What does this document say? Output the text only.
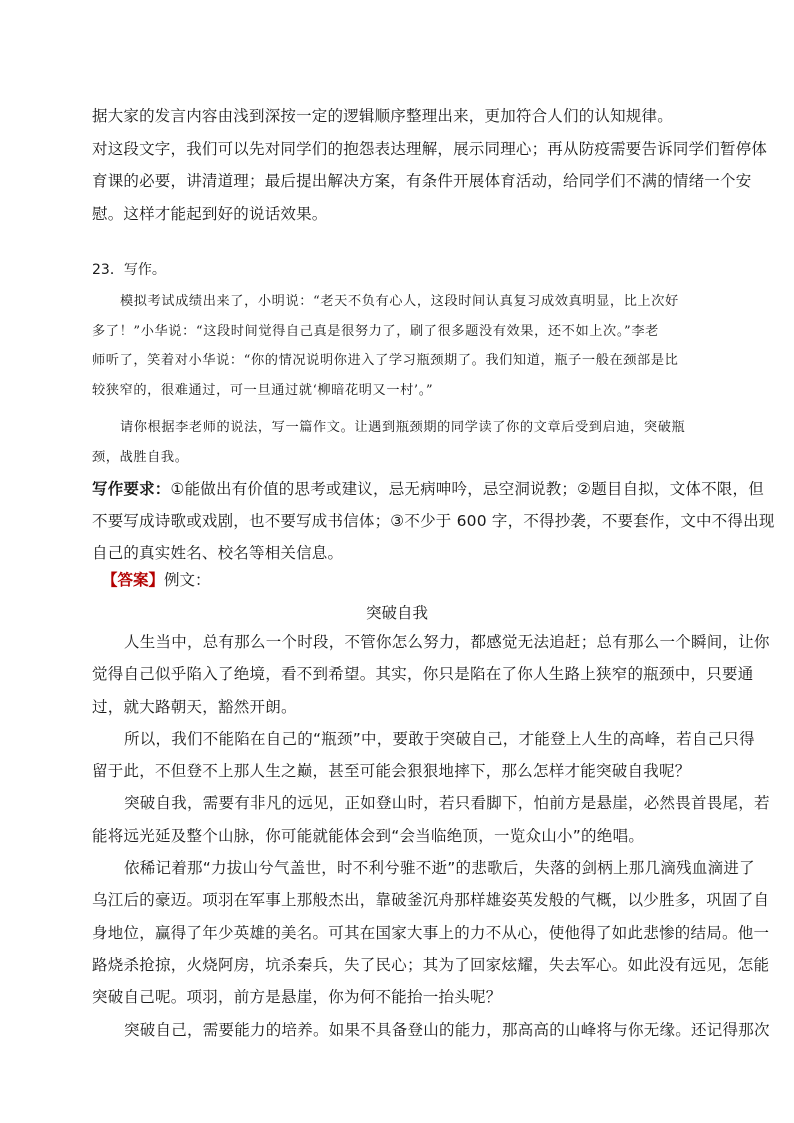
据大家的发言内容由浅到深按一定的逻辑顺序整理出来，更加符合人们的认知规律。

对这段文字，我们可以先对同学们的抱怨表达理解，展示同理心；再从防疫需要告诉同学们暂停体

育课的必要，讲清道理；最后提出解决方案，有条件开展体育活动，给同学们不满的情绪一个安

慰。这样才能起到好的说话效果。

23．写作。

模拟考试成绩出来了，小明说：“老天不负有心人，这段时间认真复习成效真明显，比上次好

多了！”小华说：“这段时间觉得自己真是很努力了，刷了很多题没有效果，还不如上次。”李老

师听了，笑着对小华说：“你的情况说明你进入了学习瓶颈期了。我们知道，瓶子一般在颈部是比

较狭窄的，很难通过，可一旦通过就‘柳暗花明又一村’。”

请你根据李老师的说法，写一篇作文。让遇到瓶颈期的同学读了你的文章后受到启迪，突破瓶

颈，战胜自我。

写作要求：①能做出有价值的思考或建议，忌无病呻吟，忌空洞说教；②题目自拟，文体不限，但

不要写成诗歌或戏剧，也不要写成书信体；③不少于 600 字，不得抄袭，不要套作，文中不得出现

自己的真实姓名、校名等相关信息。

【答案】例文：
突破自我

人生当中，总有那么一个时段，不管你怎么努力，都感觉无法追赶；总有那么一个瞬间，让你

觉得自己似乎陷入了绝境，看不到希望。其实，你只是陷在了你人生路上狭窄的瓶颈中，只要通

过，就大路朝天，豁然开朗。

所以，我们不能陷在自己的“瓶颈”中，要敢于突破自己，才能登上人生的高峰，若自己只得

留于此，不但登不上那人生之巅，甚至可能会狠狠地摔下，那么怎样才能突破自我呢？

突破自我，需要有非凡的远见，正如登山时，若只看脚下，怕前方是悬崖，必然畏首畏尾，若

能将远光延及整个山脉，你可能就能体会到“会当临绝顶，一览众山小”的绝唱。

依稀记着那“力拔山兮气盖世，时不利兮骓不逝”的悲歌后，失落的剑柄上那几滴残血滴进了

乌江后的豪迈。项羽在军事上那般杰出，靠破釜沉舟那样雄姿英发般的气概，以少胜多，巩固了自

身地位，赢得了年少英雄的美名。可其在国家大事上的力不从心，使他得了如此悲惨的结局。他一

路烧杀抢掠，火烧阿房，坑杀秦兵，失了民心；其为了回家炫耀，失去军心。如此没有远见，怎能

突破自己呢。项羽，前方是悬崖，你为何不能抬一抬头呢？

突破自己，需要能力的培养。如果不具备登山的能力，那高高的山峰将与你无缘。还记得那次
